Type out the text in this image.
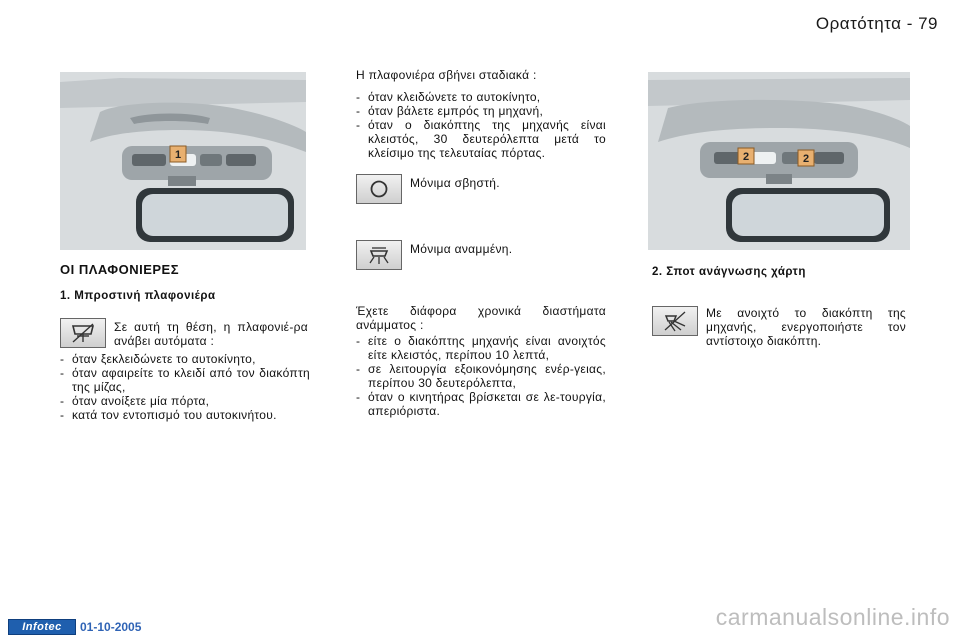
Ορατότητα - 79
1	2	2
ΟΙ ΠΛΑΦΟΝΙΕΡΕΣ
1. Μπροστινή πλαφονιέρα
Σε αυτή τη θέση, η πλαφονιέ-ρα ανάβει αυτόματα :
- όταν ξεκλειδώνετε το αυτοκίνητο,
- όταν αφαιρείτε το κλειδί από τον διακόπτη της μίζας,
- όταν ανοίξετε μία πόρτα,
- κατά τον εντοπισμό του αυτοκινήτου.
Η πλαφονιέρα σβήνει σταδιακά :
- όταν κλειδώνετε το αυτοκίνητο,
- όταν βάλετε εμπρός τη μηχανή,
- όταν ο διακόπτης της μηχανής είναι κλειστός, 30 δευτερόλεπτα μετά το κλείσιμο της τελευταίας πόρτας.
Μόνιμα σβηστή.
Μόνιμα αναμμένη.
Έχετε διάφορα χρονικά διαστήματα ανάμματος :
- είτε ο διακόπτης μηχανής είναι ανοιχτός είτε κλειστός, περίπου 10 λεπτά,
- σε λειτουργία εξοικονόμησης ενέρ-γειας, περίπου 30 δευτερόλεπτα,
- όταν ο κινητήρας βρίσκεται σε λε-τουργία, απεριόριστα.
2. Σποτ ανάγνωσης χάρτη
Με ανοιχτό το διακόπτη της μηχανής, ενεργοποιήστε τον αντίστοιχο διακόπτη.
Infotec	01-10-2005	carmanualsonline.info
